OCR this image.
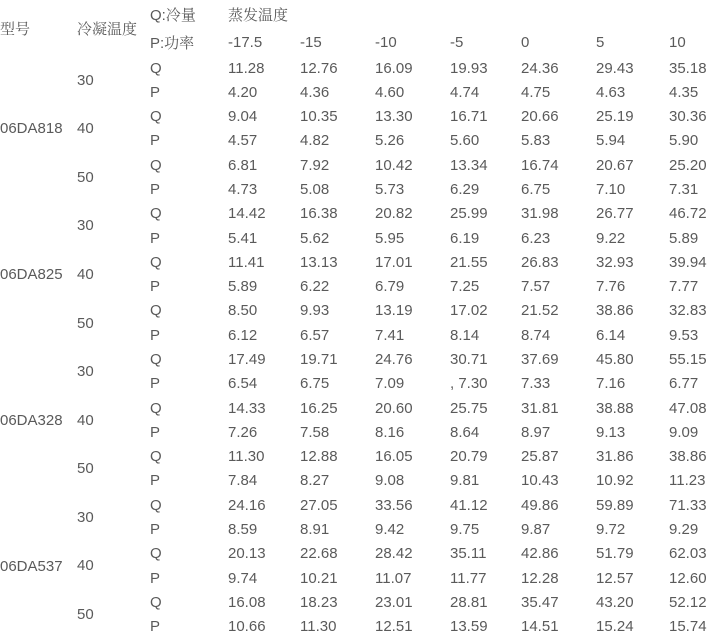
型号	冷凝温度	Q:冷量	蒸发温度						
		P:功率	-17.5	-15	-10	-5	0	5	10
06DA818	30	Q	11.28	12.76	16.09	19.93	24.36	29.43	35.18
		P	4.20	4.36	4.60	4.74	4.75	4.63	4.35
	40	Q	9.04	10.35	13.30	16.71	20.66	25.19	30.36
		P	4.57	4.82	5.26	5.60	5.83	5.94	5.90
	50	Q	6.81	7.92	10.42	13.34	16.74	20.67	25.20
		P	4.73	5.08	5.73	6.29	6.75	7.10	7.31
06DA825	30	Q	14.42	16.38	20.82	25.99	31.98	26.77	46.72
		P	5.41	5.62	5.95	6.19	6.23	9.22	5.89
	40	Q	11.41	13.13	17.01	21.55	26.83	32.93	39.94
		P	5.89	6.22	6.79	7.25	7.57	7.76	7.77
	50	Q	8.50	9.93	13.19	17.02	21.52	38.86	32.83
		P	6.12	6.57	7.41	8.14	8.74	6.14	9.53
06DA328	30	Q	17.49	19.71	24.76	30.71	37.69	45.80	55.15
		P	6.54	6.75	7.09	, 7.30	7.33	7.16	6.77
	40	Q	14.33	16.25	20.60	25.75	31.81	38.88	47.08
		P	7.26	7.58	8.16	8.64	8.97	9.13	9.09
	50	Q	11.30	12.88	16.05	20.79	25.87	31.86	38.86
		P	7.84	8.27	9.08	9.81	10.43	10.92	11.23
06DA537	30	Q	24.16	27.05	33.56	41.12	49.86	59.89	71.33
		P	8.59	8.91	9.42	9.75	9.87	9.72	9.29
	40	Q	20.13	22.68	28.42	35.11	42.86	51.79	62.03
		P	9.74	10.21	11.07	11.77	12.28	12.57	12.60
	50	Q	16.08	18.23	23.01	28.81	35.47	43.20	52.12
		P	10.66	11.30	12.51	13.59	14.51	15.24	15.74
